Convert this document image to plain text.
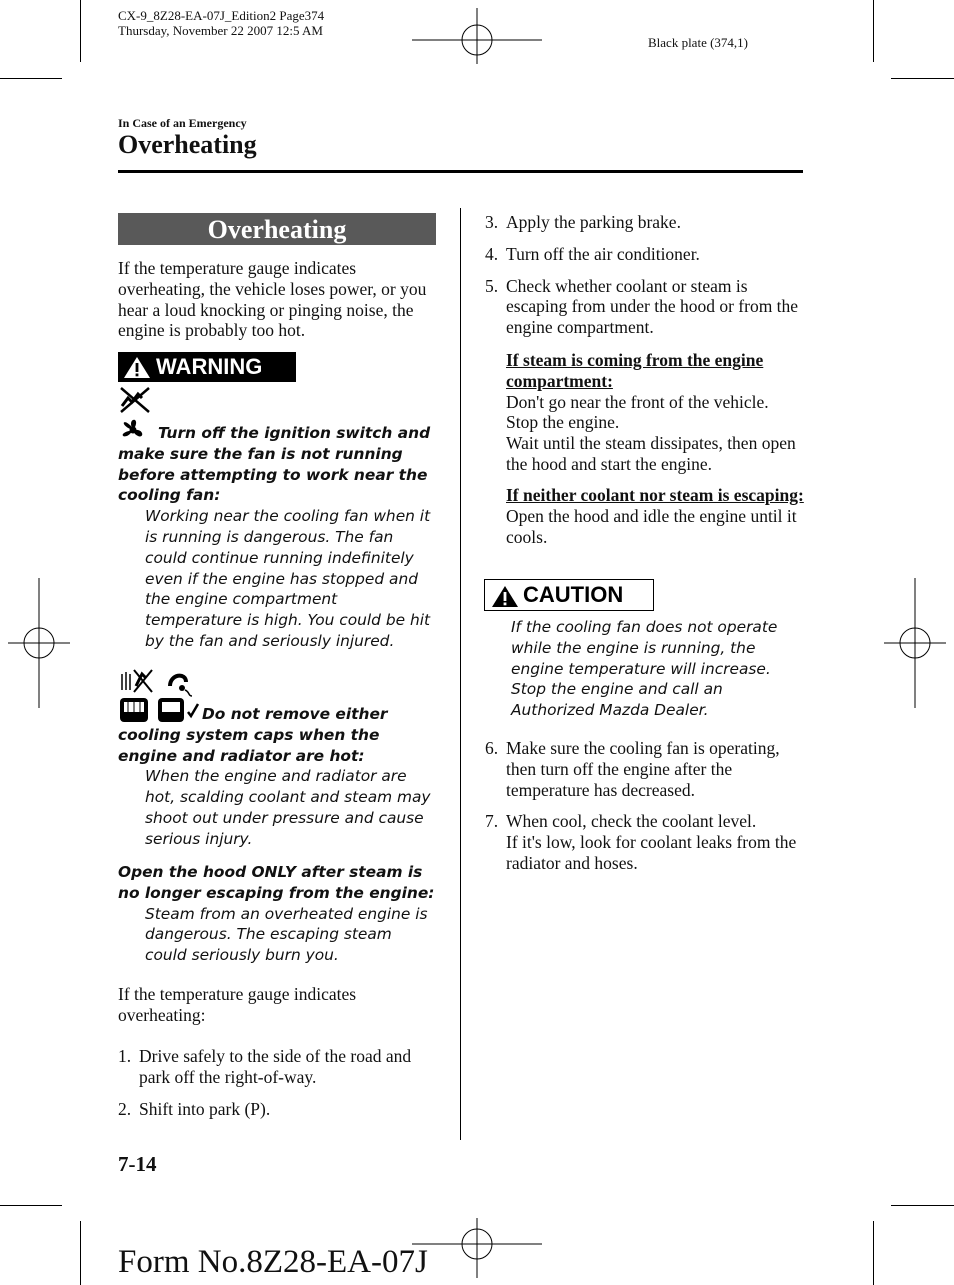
CX-9_8Z28-EA-07J_Edition2 Page374
Thursday, November 22 2007 12:5 AM
Black plate (374,1)
In Case of an Emergency
Overheating
Overheating
If the temperature gauge indicates overheating, the vehicle loses power, or you hear a loud knocking or pinging noise, the engine is probably too hot.
WARNING
Turn off the ignition switch and make sure the fan is not running before attempting to work near the cooling fan:
Working near the cooling fan when it is running is dangerous. The fan could continue running indefinitely even if the engine has stopped and the engine compartment temperature is high. You could be hit by the fan and seriously injured.
Do not remove either cooling system caps when the engine and radiator are hot:
When the engine and radiator are hot, scalding coolant and steam may shoot out under pressure and cause serious injury.
Open the hood ONLY after steam is no longer escaping from the engine:
Steam from an overheated engine is dangerous. The escaping steam could seriously burn you.
If the temperature gauge indicates overheating:
1. Drive safely to the side of the road and park off the right-of-way.
2. Shift into park (P).
3. Apply the parking brake.
4. Turn off the air conditioner.
5. Check whether coolant or steam is escaping from under the hood or from the engine compartment.
If steam is coming from the engine compartment:
Don't go near the front of the vehicle.
Stop the engine.
Wait until the steam dissipates, then open the hood and start the engine.
If neither coolant nor steam is escaping:
Open the hood and idle the engine until it cools.
CAUTION
If the cooling fan does not operate while the engine is running, the engine temperature will increase. Stop the engine and call an Authorized Mazda Dealer.
6. Make sure the cooling fan is operating, then turn off the engine after the temperature has decreased.
7. When cool, check the coolant level.
If it's low, look for coolant leaks from the radiator and hoses.
7-14
Form No.8Z28-EA-07J
